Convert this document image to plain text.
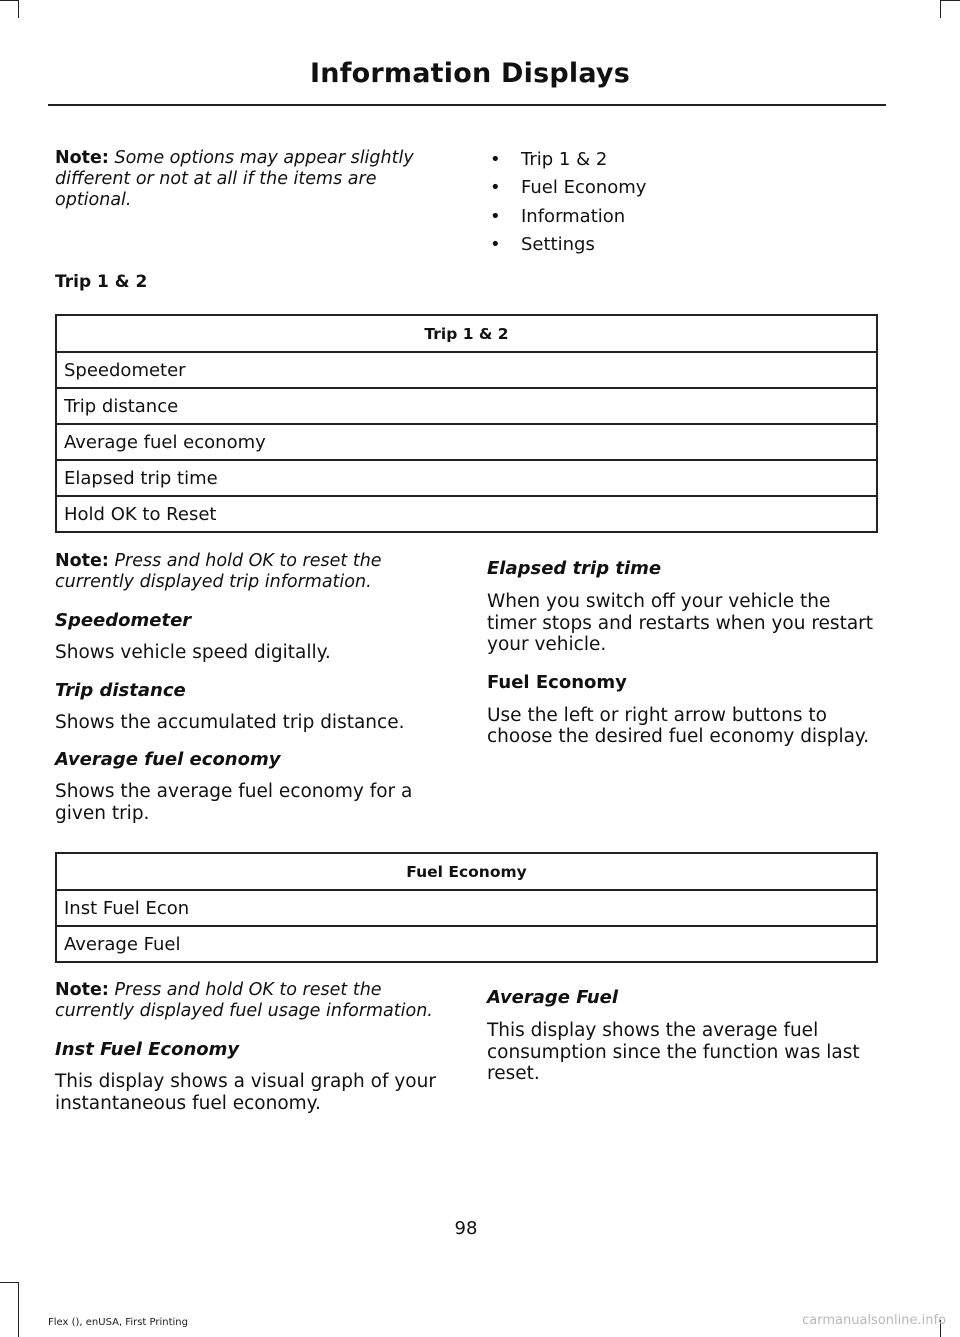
Information Displays

Note: Some options may appear slightly different or not at all if the items are optional.

• Trip 1 & 2
• Fuel Economy
• Information
• Settings
Trip 1 & 2
Trip 1 & 2
Speedometer
Trip distance
Average fuel economy
Elapsed trip time
Hold OK to Reset

Note: Press and hold OK to reset the currently displayed trip information.

Speedometer

Shows vehicle speed digitally.

Trip distance

Shows the accumulated trip distance.

Average fuel economy

Shows the average fuel economy for a given trip.

Elapsed trip time

When you switch off your vehicle the timer stops and restarts when you restart your vehicle.

Fuel Economy

Use the left or right arrow buttons to choose the desired fuel economy display.

Fuel Economy
Inst Fuel Econ
Average Fuel

Note: Press and hold OK to reset the currently displayed fuel usage information.

Inst Fuel Economy

This display shows a visual graph of your instantaneous fuel economy.

Average Fuel

This display shows the average fuel consumption since the function was last reset.

98
Flex (), enUSA, First Printing	carmanualsonline.info
